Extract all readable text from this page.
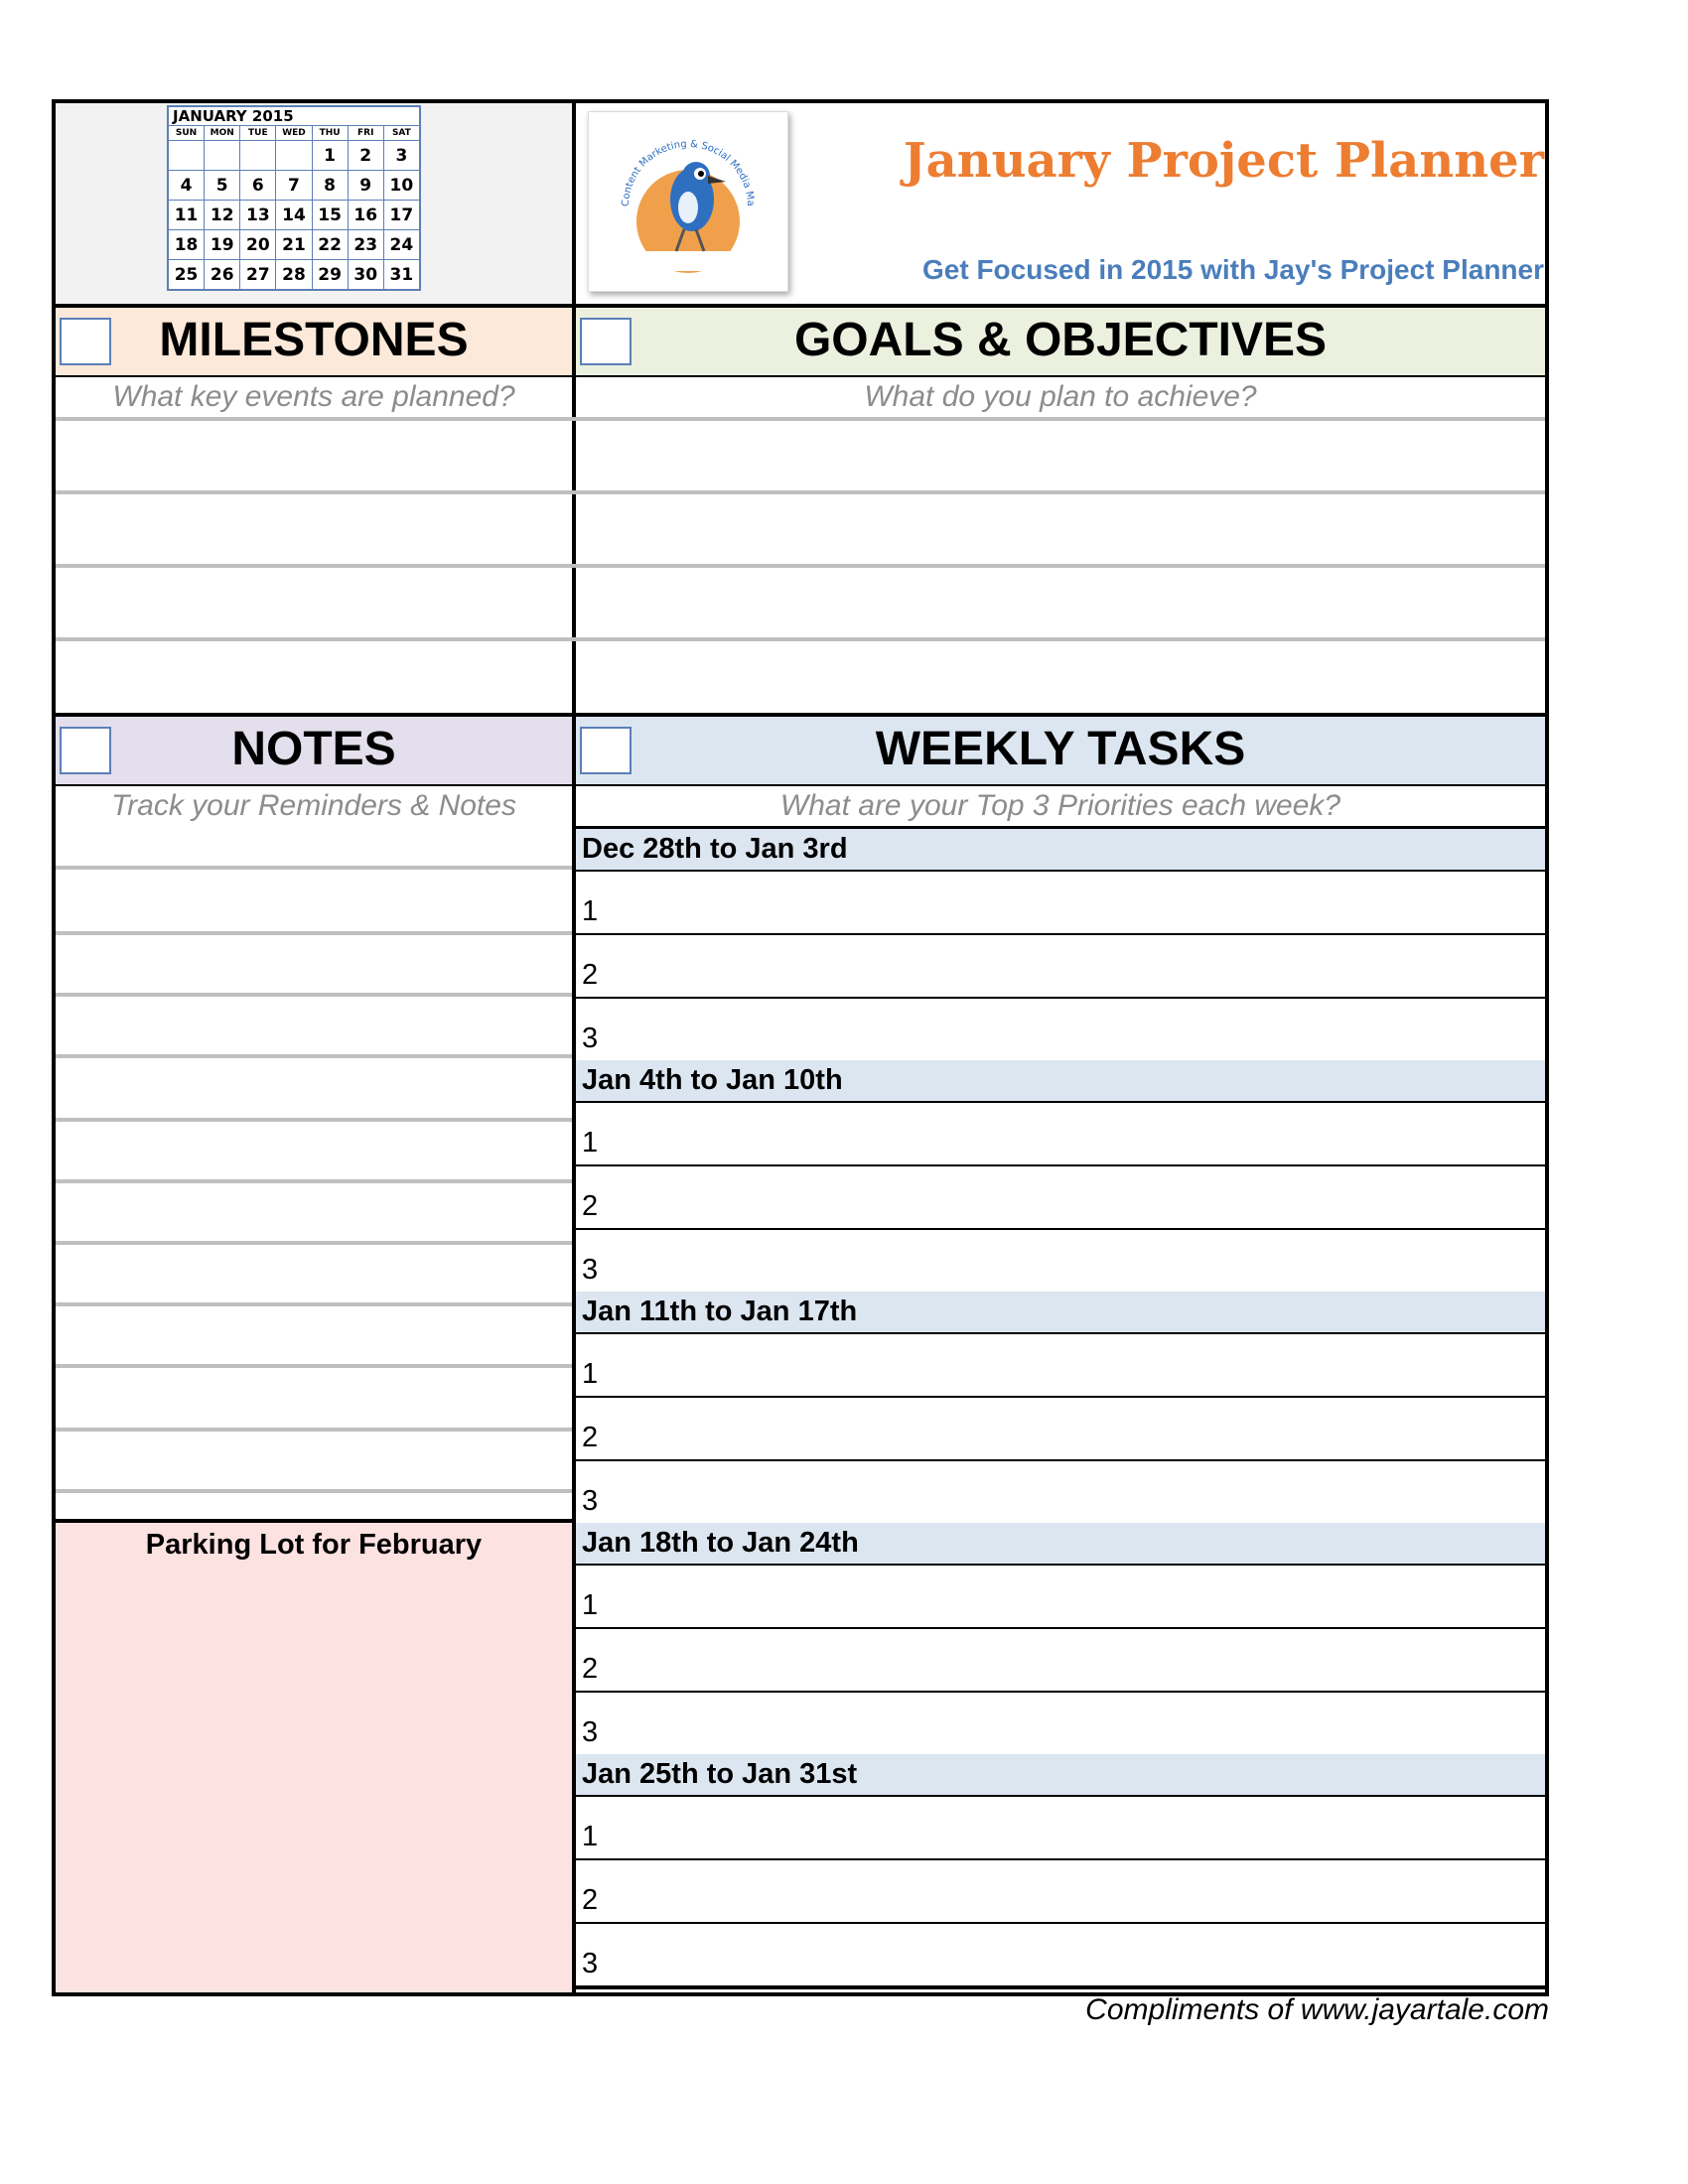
JANUARY 2015						
SUN	MON	TUE	WED	THU	FRI	SAT
				1	2	3
4	5	6	7	8	9	10
11	12	13	14	15	16	17
18	19	20	21	22	23	24
25	26	27	28	29	30	31
Content Marketing & Social Media Ma
January Project Planner
Get Focused in 2015 with Jay's Project Planner
MILESTONES
What key events are planned?
GOALS & OBJECTIVES
What do you plan to achieve?
NOTES
Track your Reminders & Notes
WEEKLY TASKS
What are your Top 3 Priorities each week?
Dec 28th to Jan 3rd
1
2
3
Jan 4th to Jan 10th
1
2
3
Jan 11th to Jan 17th
1
2
3
Jan 18th to Jan 24th
1
2
3
Jan 25th to Jan 31st
1
2
3
Parking Lot for February
Compliments of www.jayartale.com
